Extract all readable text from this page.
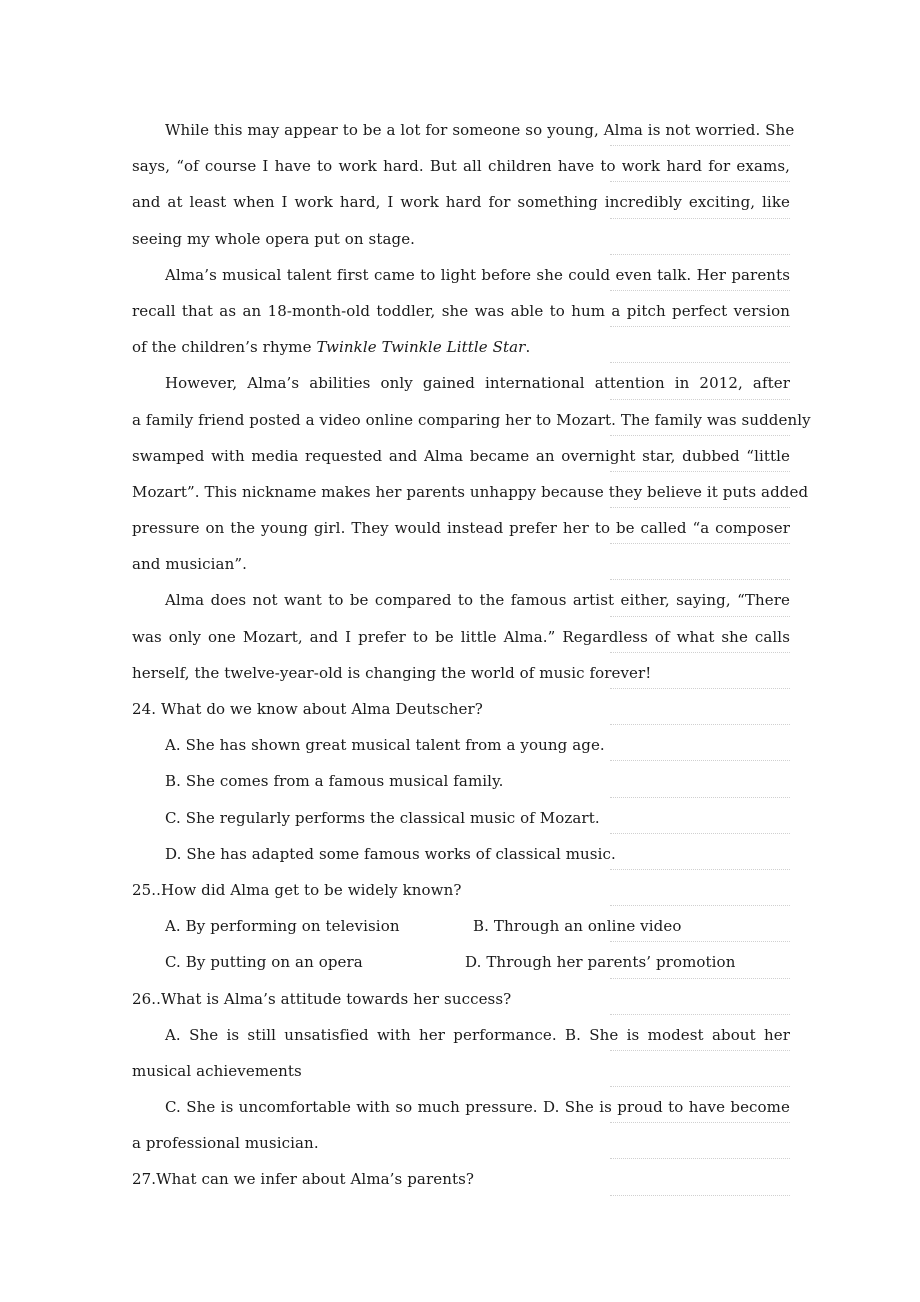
While this may appear to be a lot for someone so young, Alma is not worried. She
says, “of course I have to work hard. But all children have to work hard for exams,
and at least when I work hard, I work hard for something incredibly exciting, like
seeing my whole opera put on stage.
Alma’s musical talent first came to light before she could even talk. Her parents
recall that as an 18-month-old toddler, she was able to hum a pitch perfect version
of the children’s rhyme Twinkle Twinkle Little Star.
However, Alma’s abilities only gained international attention in 2012, after
a family friend posted a video online comparing her to Mozart. The family was suddenly
swamped with media requested and Alma became an overnight star, dubbed “little
Mozart”. This nickname makes her parents unhappy because they believe it puts added
pressure on the young girl. They would instead prefer her to be called “a composer
and musician”.
Alma does not want to be compared to the famous artist either, saying, “There
was only one Mozart, and I prefer to be little Alma.” Regardless of what she calls
herself, the twelve-year-old is changing the world of music forever!
24. What do we know about Alma Deutscher?
A. She has shown great musical talent from a young age.
B. She comes from a famous musical family.
C. She regularly performs the classical music of Mozart.
D. She has adapted some famous works of classical music.
25..How did Alma get to be widely known?
A. By performing on television	B. Through an online video
C. By putting on an opera	D. Through her parents’ promotion
26..What is Alma’s attitude towards her success?
A. She is still unsatisfied with her performance. B. She is modest about her
musical achievements
C. She is uncomfortable with so much pressure. D. She is proud to have become
a professional musician.
27.What can we infer about Alma’s parents?
